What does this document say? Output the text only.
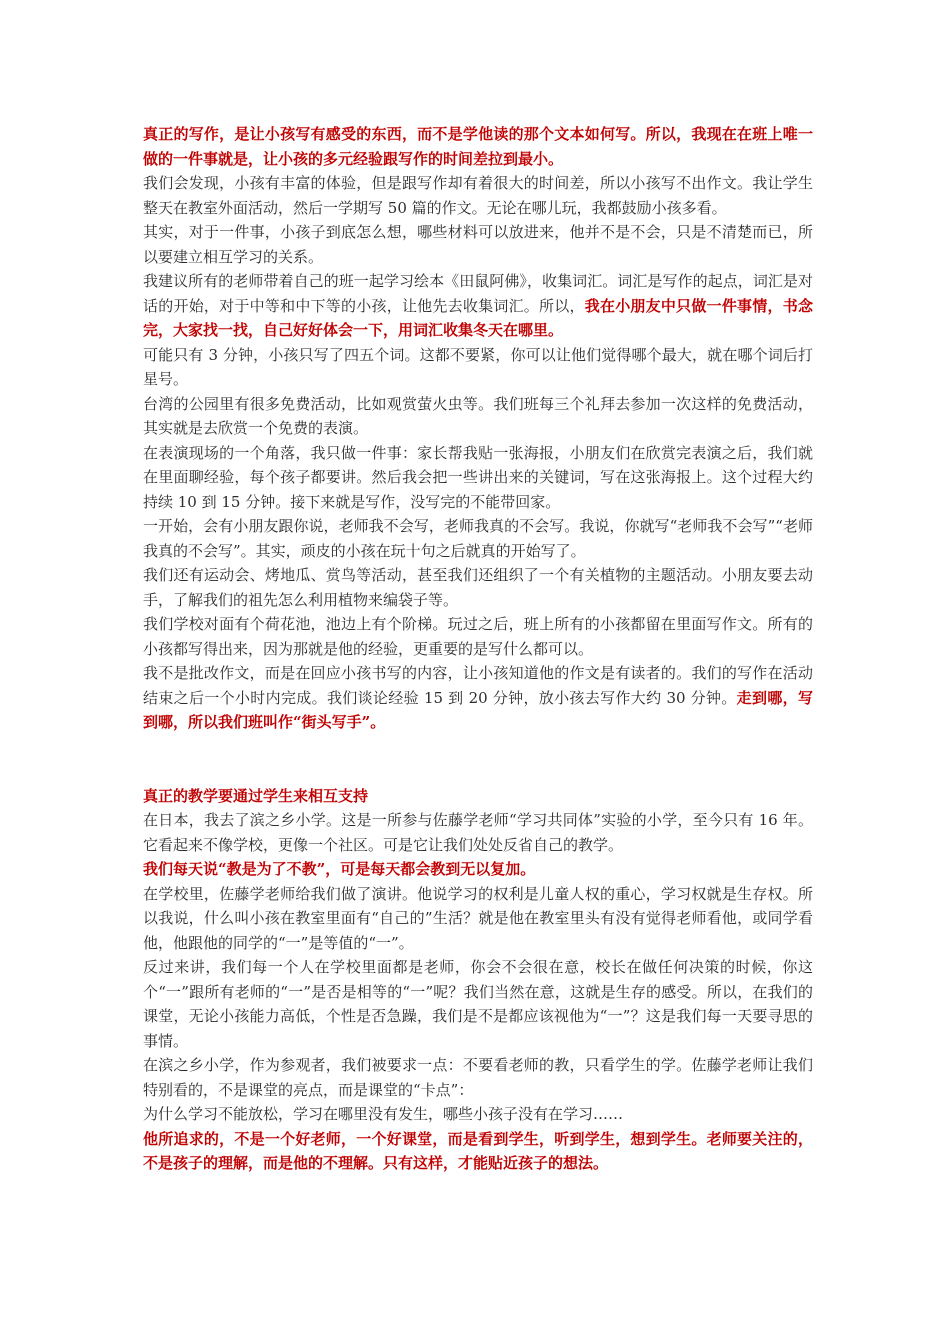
真正的写作，是让小孩写有感受的东西，而不是学他读的那个文本如何写。所以，我现在在班上唯一做的一件事就是，让小孩的多元经验跟写作的时间差拉到最小。

我们会发现，小孩有丰富的体验，但是跟写作却有着很大的时间差，所以小孩写不出作文。我让学生整天在教室外面活动，然后一学期写 50 篇的作文。无论在哪儿玩，我都鼓励小孩多看。

其实，对于一件事，小孩子到底怎么想，哪些材料可以放进来，他并不是不会，只是不清楚而已，所以要建立相互学习的关系。

我建议所有的老师带着自己的班一起学习绘本《田鼠阿佛》，收集词汇。词汇是写作的起点，词汇是对话的开始，对于中等和中下等的小孩，让他先去收集词汇。所以，我在小朋友中只做一件事情，书念完，大家找一找，自己好好体会一下，用词汇收集冬天在哪里。

可能只有 3 分钟，小孩只写了四五个词。这都不要紧，你可以让他们觉得哪个最大，就在哪个词后打星号。

台湾的公园里有很多免费活动，比如观赏萤火虫等。我们班每三个礼拜去参加一次这样的免费活动，其实就是去欣赏一个免费的表演。

在表演现场的一个角落，我只做一件事：家长帮我贴一张海报，小朋友们在欣赏完表演之后，我们就在里面聊经验，每个孩子都要讲。然后我会把一些讲出来的关键词，写在这张海报上。这个过程大约持续 10 到 15 分钟。接下来就是写作，没写完的不能带回家。

一开始，会有小朋友跟你说，老师我不会写，老师我真的不会写。我说，你就写“老师我不会写”“老师我真的不会写”。其实，顽皮的小孩在玩十句之后就真的开始写了。

我们还有运动会、烤地瓜、赏鸟等活动，甚至我们还组织了一个有关植物的主题活动。小朋友要去动手，了解我们的祖先怎么利用植物来编袋子等。

我们学校对面有个荷花池，池边上有个阶梯。玩过之后，班上所有的小孩都留在里面写作文。所有的小孩都写得出来，因为那就是他的经验，更重要的是写什么都可以。

我不是批改作文，而是在回应小孩书写的内容，让小孩知道他的作文是有读者的。我们的写作在活动结束之后一个小时内完成。我们谈论经验 15 到 20 分钟，放小孩去写作大约 30 分钟。走到哪，写到哪，所以我们班叫作“街头写手”。

真正的教学要通过学生来相互支持

在日本，我去了滨之乡小学。这是一所参与佐藤学老师“学习共同体”实验的小学，至今只有 16 年。它看起来不像学校，更像一个社区。可是它让我们处处反省自己的教学。

我们每天说“教是为了不教”，可是每天都会教到无以复加。

在学校里，佐藤学老师给我们做了演讲。他说学习的权利是儿童人权的重心，学习权就是生存权。所以我说，什么叫小孩在教室里面有“自己的”生活？就是他在教室里头有没有觉得老师看他，或同学看他，他跟他的同学的“一”是等值的“一”。

反过来讲，我们每一个人在学校里面都是老师，你会不会很在意，校长在做任何决策的时候，你这个“一”跟所有老师的“一”是否是相等的“一”呢？我们当然在意，这就是生存的感受。所以，在我们的课堂，无论小孩能力高低，个性是否急躁，我们是不是都应该视他为“一”？这是我们每一天要寻思的事情。

在滨之乡小学，作为参观者，我们被要求一点：不要看老师的教，只看学生的学。佐藤学老师让我们特别看的，不是课堂的亮点，而是课堂的“卡点”：

为什么学习不能放松，学习在哪里没有发生，哪些小孩子没有在学习……

他所追求的，不是一个好老师，一个好课堂，而是看到学生，听到学生，想到学生。老师要关注的，不是孩子的理解，而是他的不理解。只有这样，才能贴近孩子的想法。
